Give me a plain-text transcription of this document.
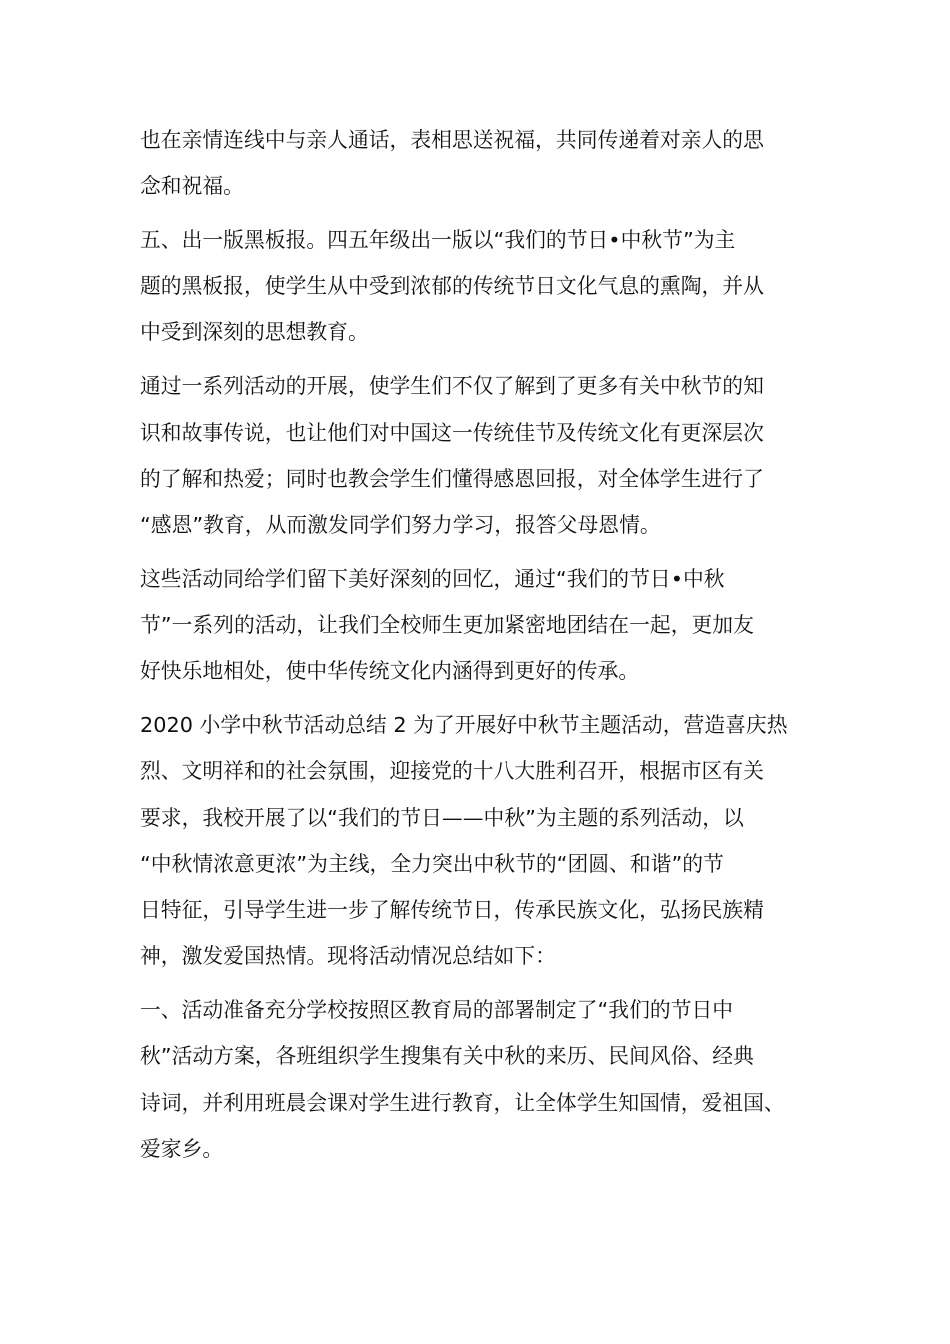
也在亲情连线中与亲人通话，表相思送祝福，共同传递着对亲人的思
念和祝福。
五、出一版黑板报。四五年级出一版以“我们的节日•中秋节”为主
题的黑板报，使学生从中受到浓郁的传统节日文化气息的熏陶，并从
中受到深刻的思想教育。
通过一系列活动的开展，使学生们不仅了解到了更多有关中秋节的知
识和故事传说，也让他们对中国这一传统佳节及传统文化有更深层次
的了解和热爱；同时也教会学生们懂得感恩回报，对全体学生进行了
“感恩”教育，从而激发同学们努力学习，报答父母恩情。
这些活动同给学们留下美好深刻的回忆，通过“我们的节日•中秋
节”一系列的活动，让我们全校师生更加紧密地团结在一起，更加友
好快乐地相处，使中华传统文化内涵得到更好的传承。
2020 小学中秋节活动总结 2 为了开展好中秋节主题活动，营造喜庆热
烈、文明祥和的社会氛围，迎接党的十八大胜利召开，根据市区有关
要求，我校开展了以“我们的节日——中秋”为主题的系列活动，以
“中秋情浓意更浓”为主线，全力突出中秋节的“团圆、和谐”的节
日特征，引导学生进一步了解传统节日，传承民族文化，弘扬民族精
神，激发爱国热情。现将活动情况总结如下：
一、活动准备充分学校按照区教育局的部署制定了“我们的节日中
秋”活动方案，各班组织学生搜集有关中秋的来历、民间风俗、经典
诗词，并利用班晨会课对学生进行教育，让全体学生知国情，爱祖国、
爱家乡。
